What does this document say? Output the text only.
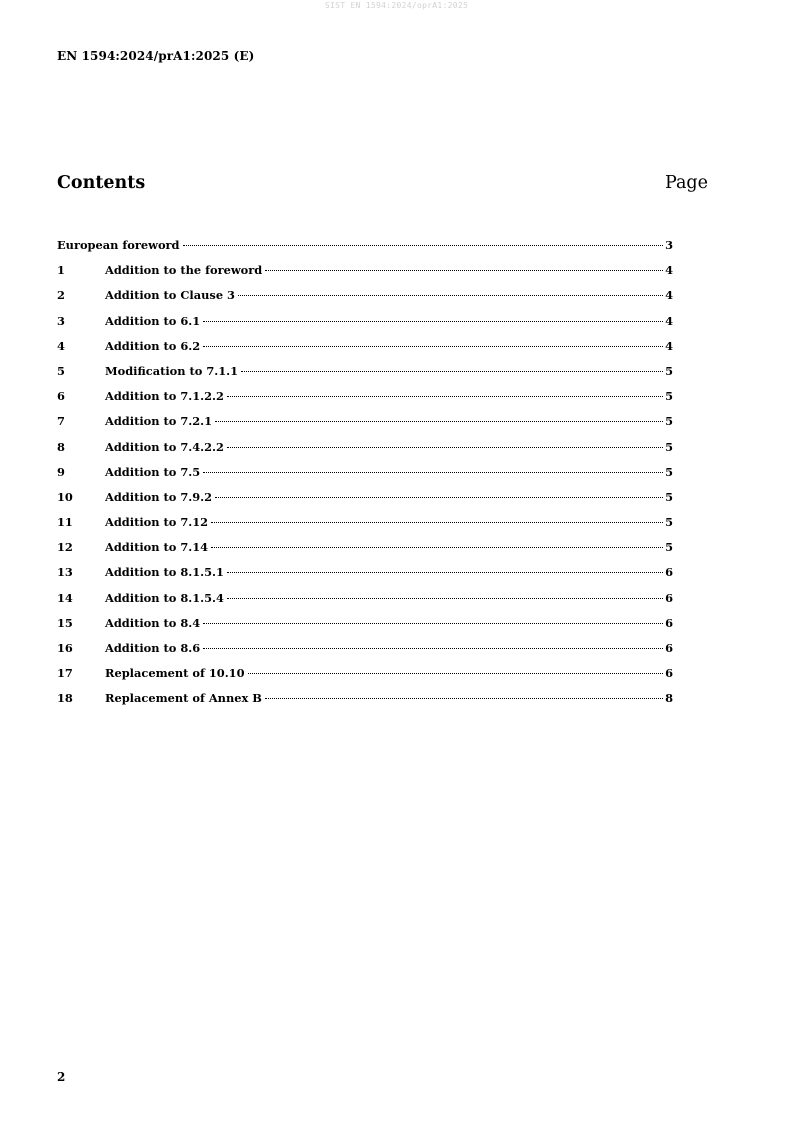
SIST EN 1594:2024/oprA1:2025
EN 1594:2024/prA1:2025 (E)
Contents	Page
European foreword	3
1	Addition to the foreword	4
2	Addition to Clause 3	4
3	Addition to 6.1	4
4	Addition to 6.2	4
5	Modification to 7.1.1	5
6	Addition to 7.1.2.2	5
7	Addition to 7.2.1	5
8	Addition to 7.4.2.2	5
9	Addition to 7.5	5
10	Addition to 7.9.2	5
11	Addition to 7.12	5
12	Addition to 7.14	5
13	Addition to 8.1.5.1	6
14	Addition to 8.1.5.4	6
15	Addition to 8.4	6
16	Addition to 8.6	6
17	Replacement of 10.10	6
18	Replacement of Annex B	8
2
